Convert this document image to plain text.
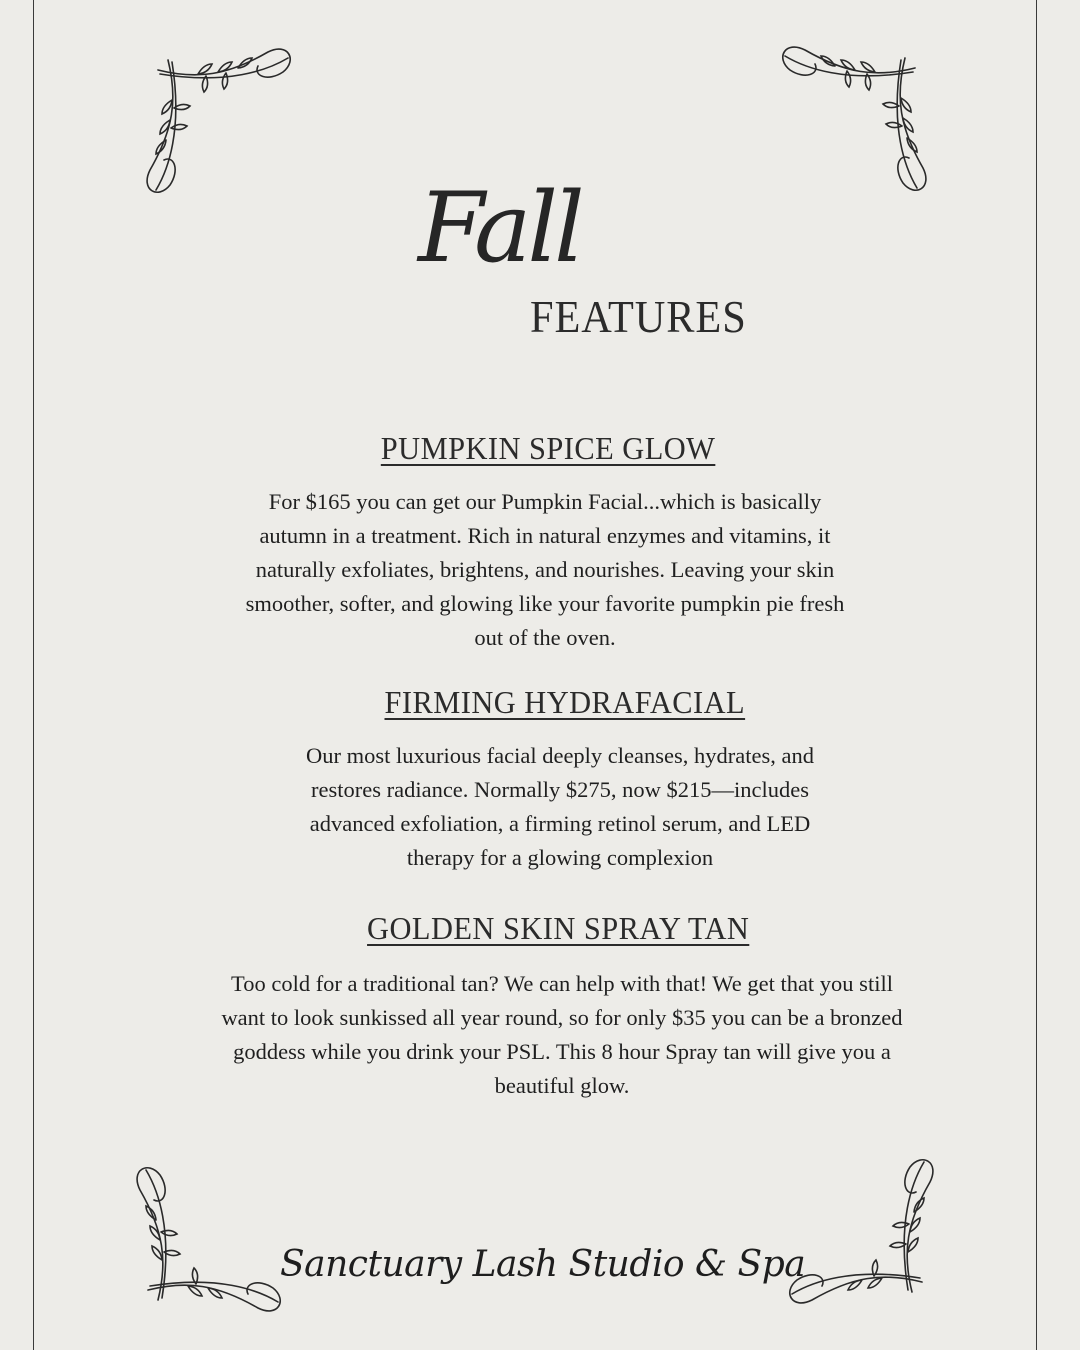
Fall
FEATURES
PUMPKIN SPICE GLOW
For $165 you can get our Pumpkin Facial...which is basically autumn in a treatment. Rich in natural enzymes and vitamins, it naturally exfoliates, brightens, and nourishes. Leaving your skin smoother, softer, and glowing like your favorite pumpkin pie fresh out of the oven.
FIRMING HYDRAFACIAL
Our most luxurious facial deeply cleanses, hydrates, and restores radiance. Normally $275, now $215—includes advanced exfoliation, a firming retinol serum, and LED therapy for a glowing complexion
GOLDEN SKIN SPRAY TAN
Too cold for a traditional tan? We can help with that! We get that you still want to look sunkissed all year round, so for only $35 you can be a bronzed goddess while you drink your PSL. This 8 hour Spray tan will give you a beautiful glow.
Sanctuary Lash Studio & Spa
